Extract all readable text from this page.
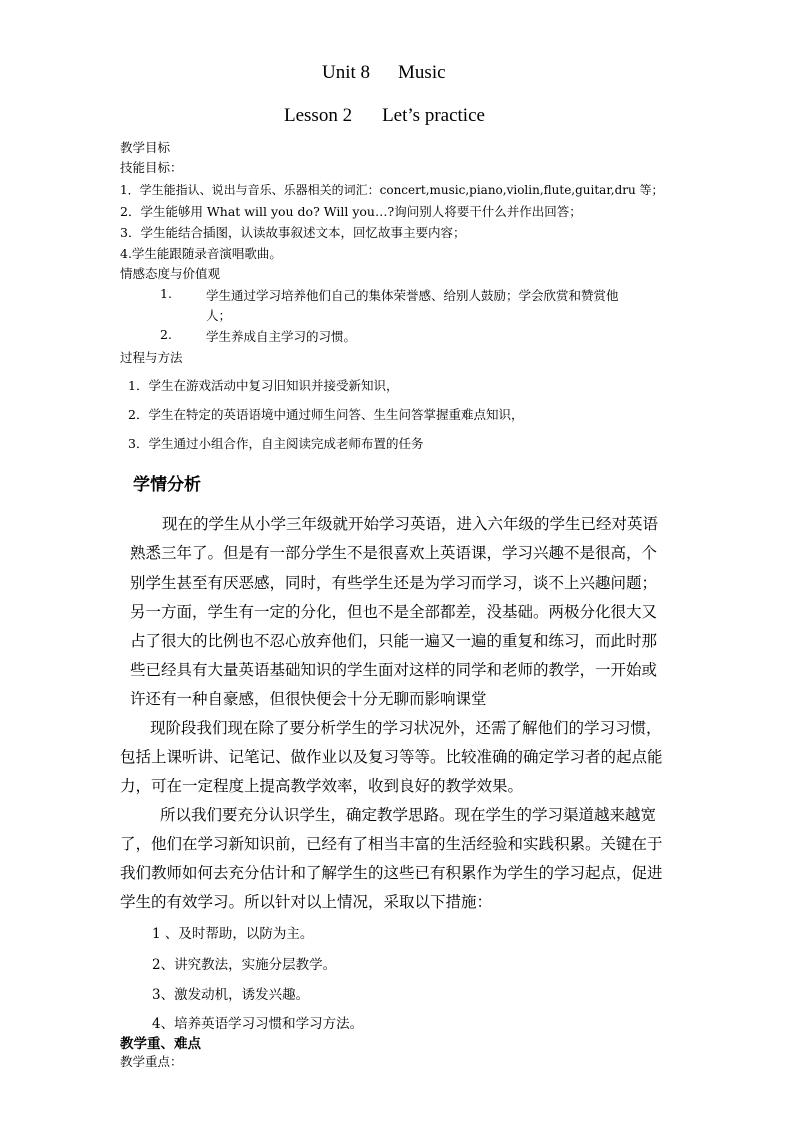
Unit 8 Music
Lesson 2 Let’s practice
教学目标
技能目标：
1．学生能指认、说出与音乐、乐器相关的词汇：concert,music,piano,violin,flute,guitar,dru 等；
2．学生能够用 What will you do? Will you…?询问别人将要干什么并作出回答；
3．学生能结合插图，认读故事叙述文本，回忆故事主要内容；
4.学生能跟随录音演唱歌曲。
情感态度与价值观
1.	学生通过学习培养他们自己的集体荣誉感、给别人鼓励；学会欣赏和赞赏他
人；
2.	学生养成自主学习的习惯。
过程与方法
1．学生在游戏活动中复习旧知识并接受新知识，
2．学生在特定的英语语境中通过师生问答、生生问答掌握重难点知识，
3．学生通过小组合作，自主阅读完成老师布置的任务
学情分析
现在的学生从小学三年级就开始学习英语，进入六年级的学生已经对英语
熟悉三年了。但是有一部分学生不是很喜欢上英语课，学习兴趣不是很高，个
别学生甚至有厌恶感，同时，有些学生还是为学习而学习，谈不上兴趣问题；
另一方面，学生有一定的分化，但也不是全部都差，没基础。两极分化很大又
占了很大的比例也不忍心放弃他们，只能一遍又一遍的重复和练习，而此时那
些已经具有大量英语基础知识的学生面对这样的同学和老师的教学，一开始或
许还有一种自豪感，但很快便会十分无聊而影响课堂
现阶段我们现在除了要分析学生的学习状况外，还需了解他们的学习习惯，
包括上课听讲、记笔记、做作业以及复习等等。比较准确的确定学习者的起点能
力，可在一定程度上提高教学效率，收到良好的教学效果。
所以我们要充分认识学生，确定教学思路。现在学生的学习渠道越来越宽
了，他们在学习新知识前，已经有了相当丰富的生活经验和实践积累。关键在于
我们教师如何去充分估计和了解学生的这些已有积累作为学生的学习起点，促进
学生的有效学习。所以针对以上情况，采取以下措施：
1 、及时帮助，以防为主。
2、讲究教法，实施分层教学。
3、激发动机，诱发兴趣。
4、培养英语学习习惯和学习方法。
教学重、难点
教学重点：
